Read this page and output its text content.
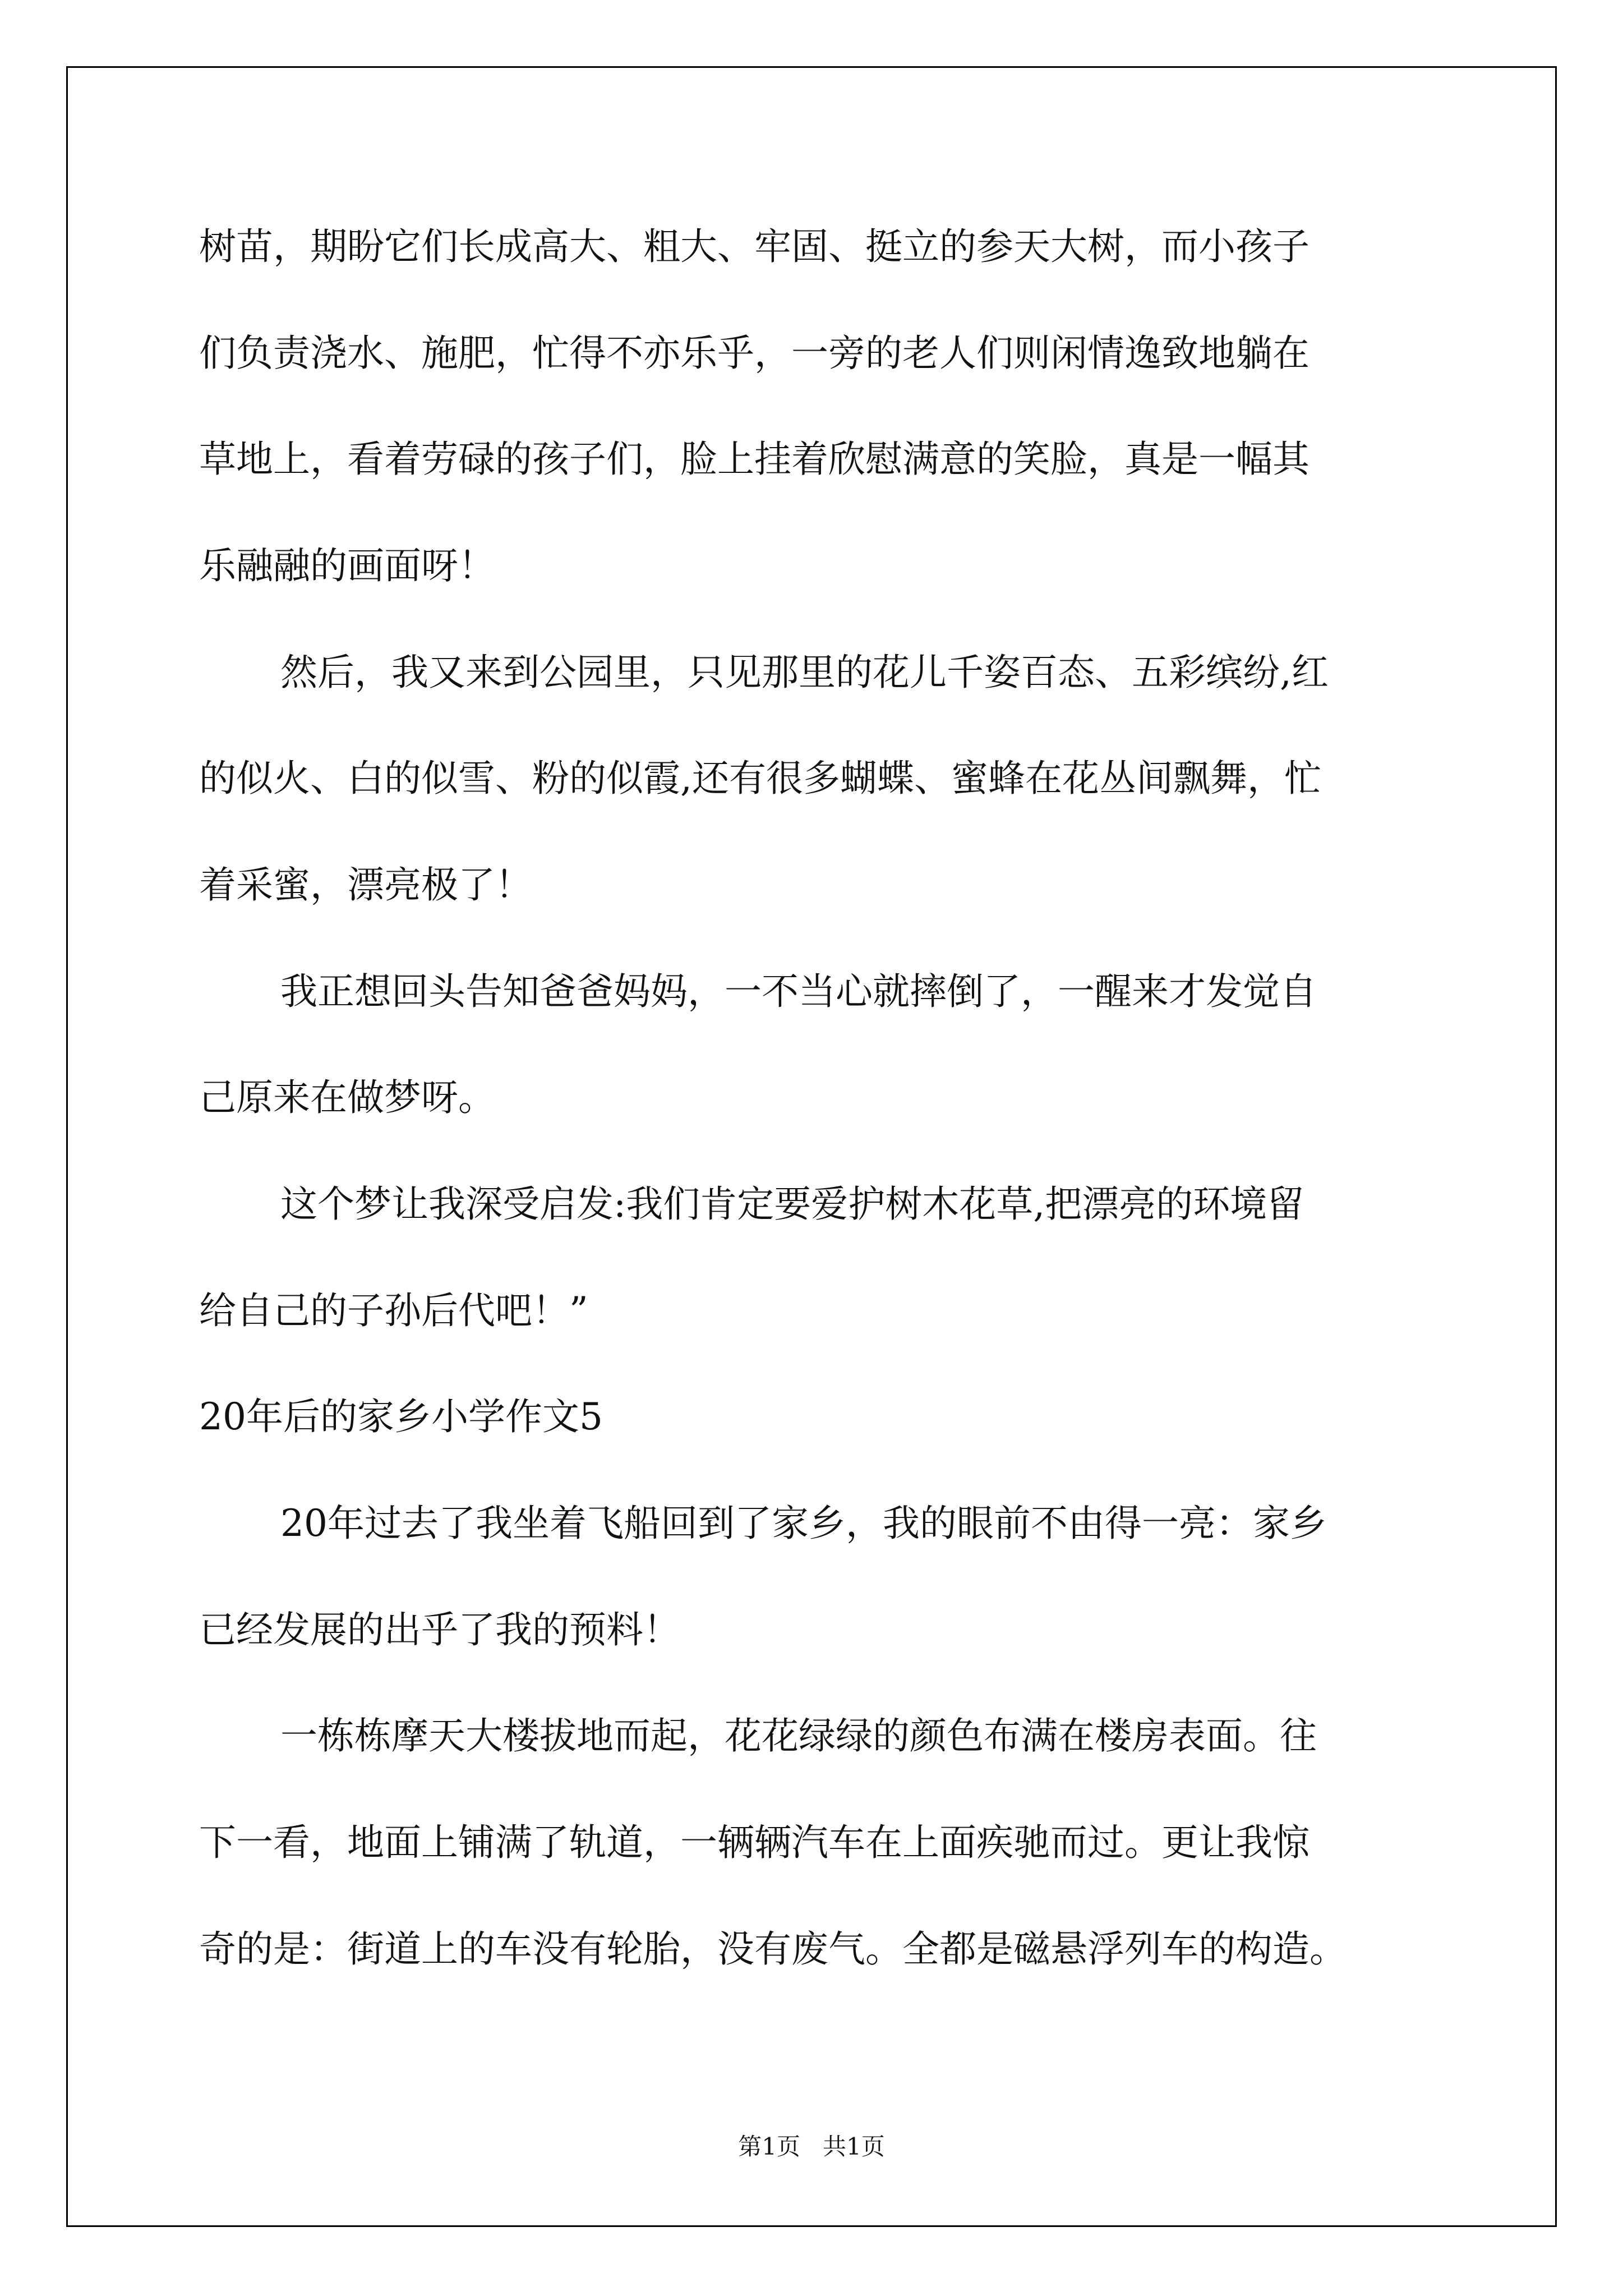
树苗，期盼它们长成高大、粗大、牢固、挺立的参天大树，而小孩子
们负责浇水、施肥，忙得不亦乐乎，一旁的老人们则闲情逸致地躺在
草地上，看着劳碌的孩子们，脸上挂着欣慰满意的笑脸，真是一幅其
乐融融的画面呀！
然后，我又来到公园里，只见那里的花儿千姿百态、五彩缤纷,红
的似火、白的似雪、粉的似霞,还有很多蝴蝶、蜜蜂在花丛间飘舞，忙
着采蜜，漂亮极了！
我正想回头告知爸爸妈妈，一不当心就摔倒了，一醒来才发觉自
己原来在做梦呀。
这个梦让我深受启发:我们肯定要爱护树木花草,把漂亮的环境留
给自己的子孙后代吧！”
20年后的家乡小学作文5
20年过去了我坐着飞船回到了家乡，我的眼前不由得一亮：家乡
已经发展的出乎了我的预料！
一栋栋摩天大楼拔地而起，花花绿绿的颜色布满在楼房表面。往
下一看，地面上铺满了轨道，一辆辆汽车在上面疾驰而过。更让我惊
奇的是：街道上的车没有轮胎，没有废气。全都是磁悬浮列车的构造。
第1页   共1页
